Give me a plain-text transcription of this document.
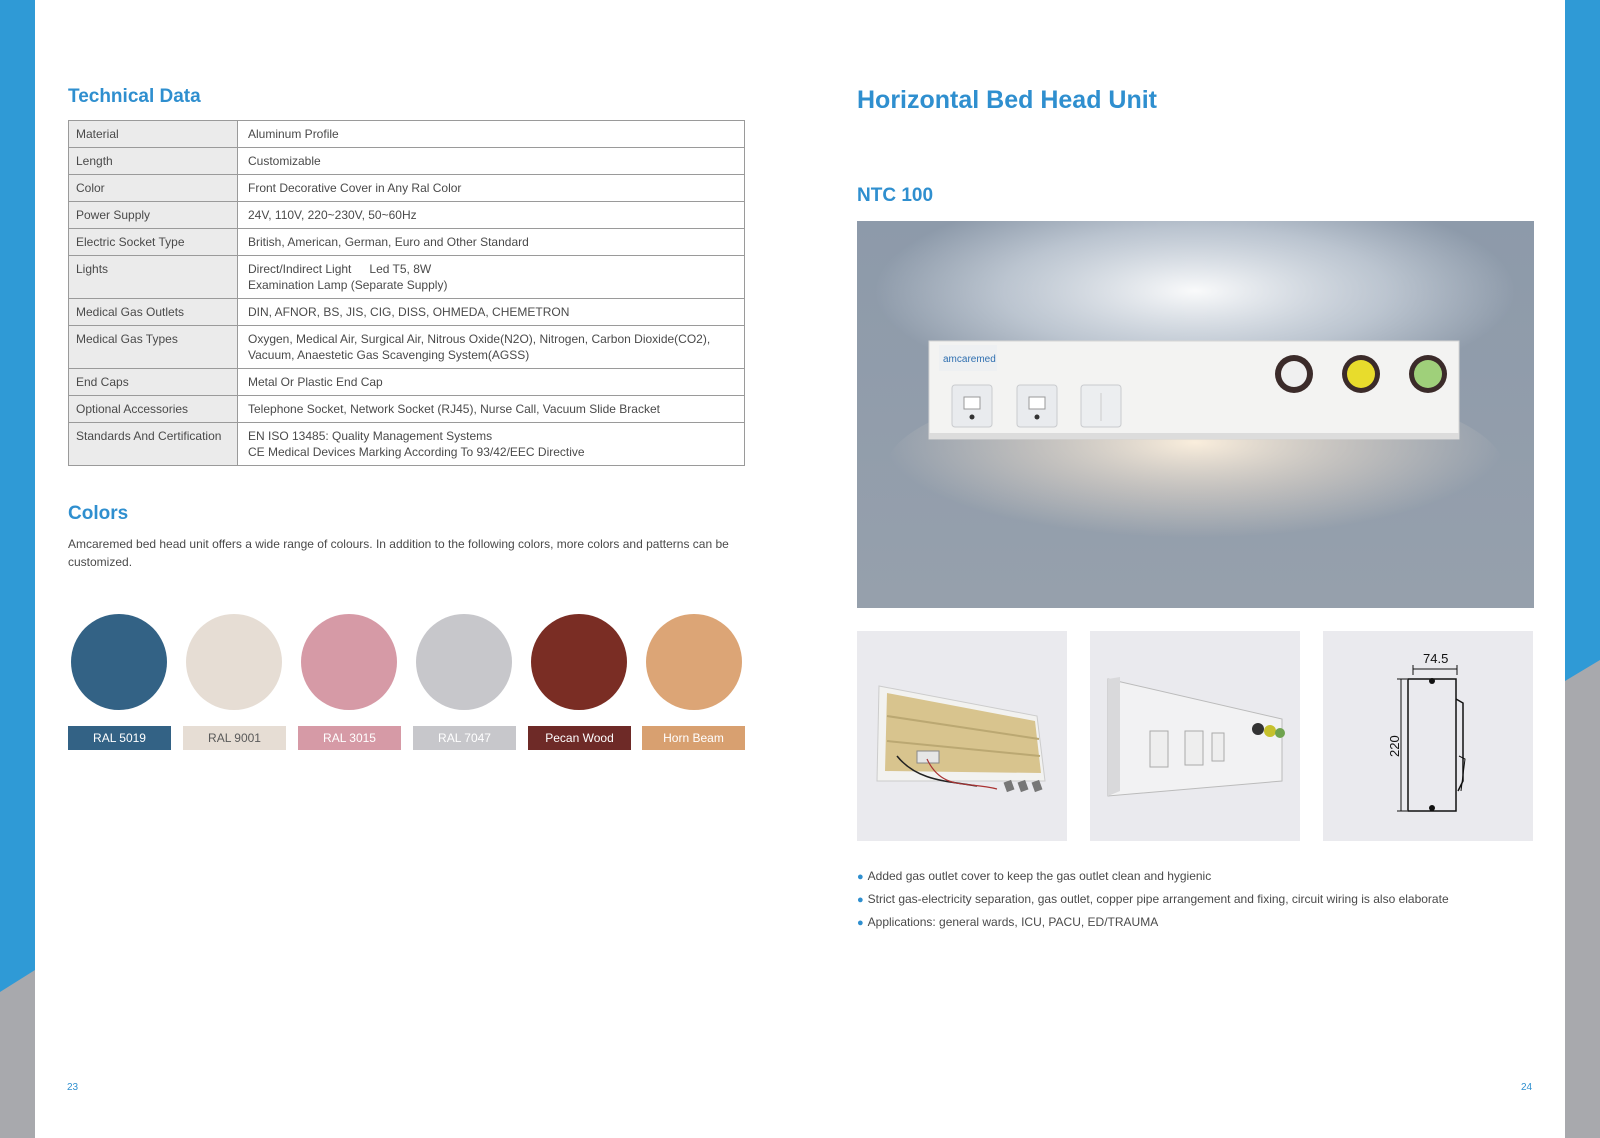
Technical Data
Material	Aluminum Profile
Length	Customizable
Color	Front Decorative Cover in Any Ral Color
Power Supply	24V, 110V, 220~230V, 50~60Hz
Electric Socket Type	British, American, German, Euro and Other Standard
Lights	Direct/Indirect Light Led T5, 8W
Examination Lamp (Separate Supply)
Medical Gas Outlets	DIN, AFNOR, BS, JIS, CIG, DISS, OHMEDA, CHEMETRON
Medical Gas Types	Oxygen, Medical Air, Surgical Air, Nitrous Oxide(N2O), Nitrogen, Carbon Dioxide(CO2),
Vacuum, Anaestetic Gas Scavenging System(AGSS)
End Caps	Metal Or Plastic End Cap
Optional Accessories	Telephone Socket, Network Socket (RJ45), Nurse Call, Vacuum Slide Bracket
Standards And Certification	EN ISO 13485: Quality Management Systems
CE Medical Devices Marking According To 93/42/EEC Directive
Colors
Amcaremed bed head unit offers a wide range of colours. In addition to the following colors, more colors and patterns can be customized.
RAL 5019	RAL 9001	RAL 3015	RAL 7047	Pecan Wood	Horn Beam
23
Horizontal Bed Head Unit
NTC 100
amcaremed
74.5
220
● Added gas outlet cover to keep the gas outlet clean and hygienic
● Strict gas-electricity separation, gas outlet, copper pipe arrangement and fixing, circuit wiring is also elaborate
● Applications: general wards, ICU, PACU, ED/TRAUMA
24
